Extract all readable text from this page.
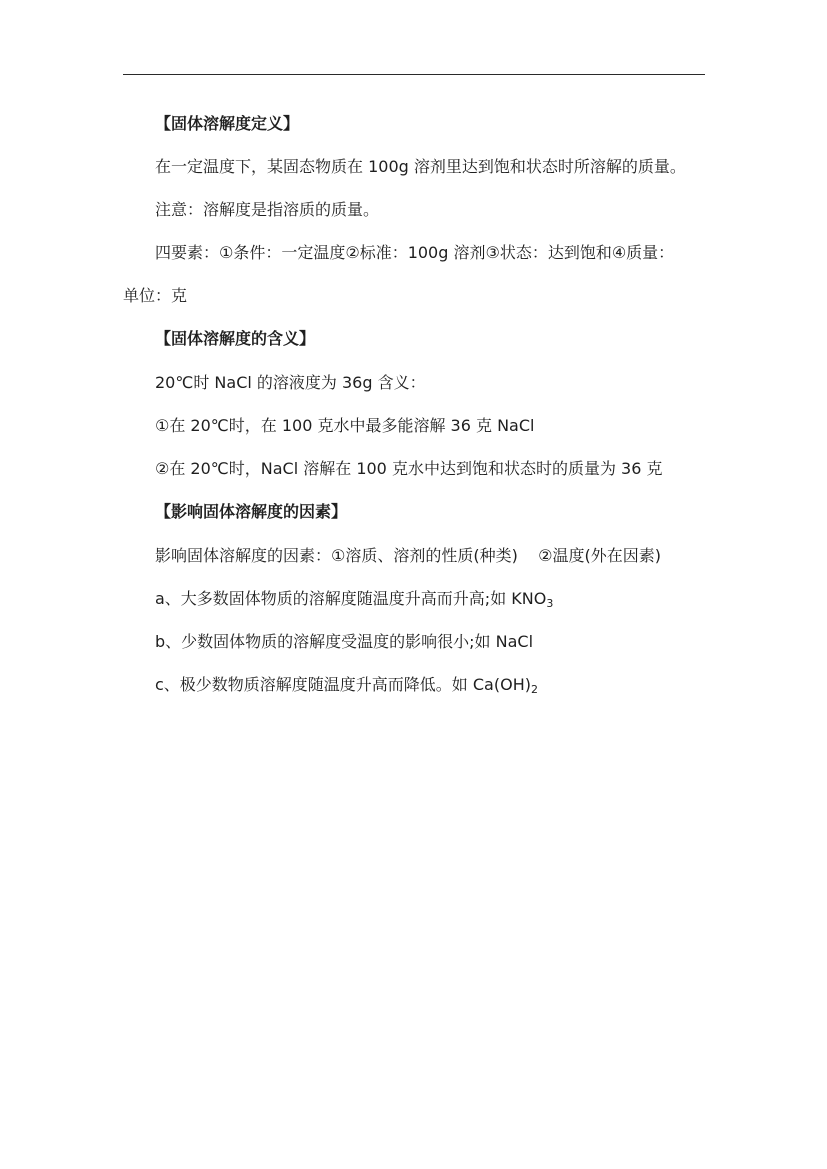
【固体溶解度定义】
在一定温度下，某固态物质在 100g 溶剂里达到饱和状态时所溶解的质量。
注意：溶解度是指溶质的质量。
四要素：①条件：一定温度②标准：100g 溶剂③状态：达到饱和④质量：
单位：克
【固体溶解度的含义】
20℃时 NaCl 的溶液度为 36g 含义：
①在 20℃时，在 100 克水中最多能溶解 36 克 NaCl
②在 20℃时，NaCl 溶解在 100 克水中达到饱和状态时的质量为 36 克
【影响固体溶解度的因素】
影响固体溶解度的因素：①溶质、溶剂的性质(种类)    ②温度(外在因素)
a、大多数固体物质的溶解度随温度升高而升高;如 $KNO_3$
b、少数固体物质的溶解度受温度的影响很小;如 NaCl
c、极少数物质溶解度随温度升高而降低。如 $Ca(OH)_2$
